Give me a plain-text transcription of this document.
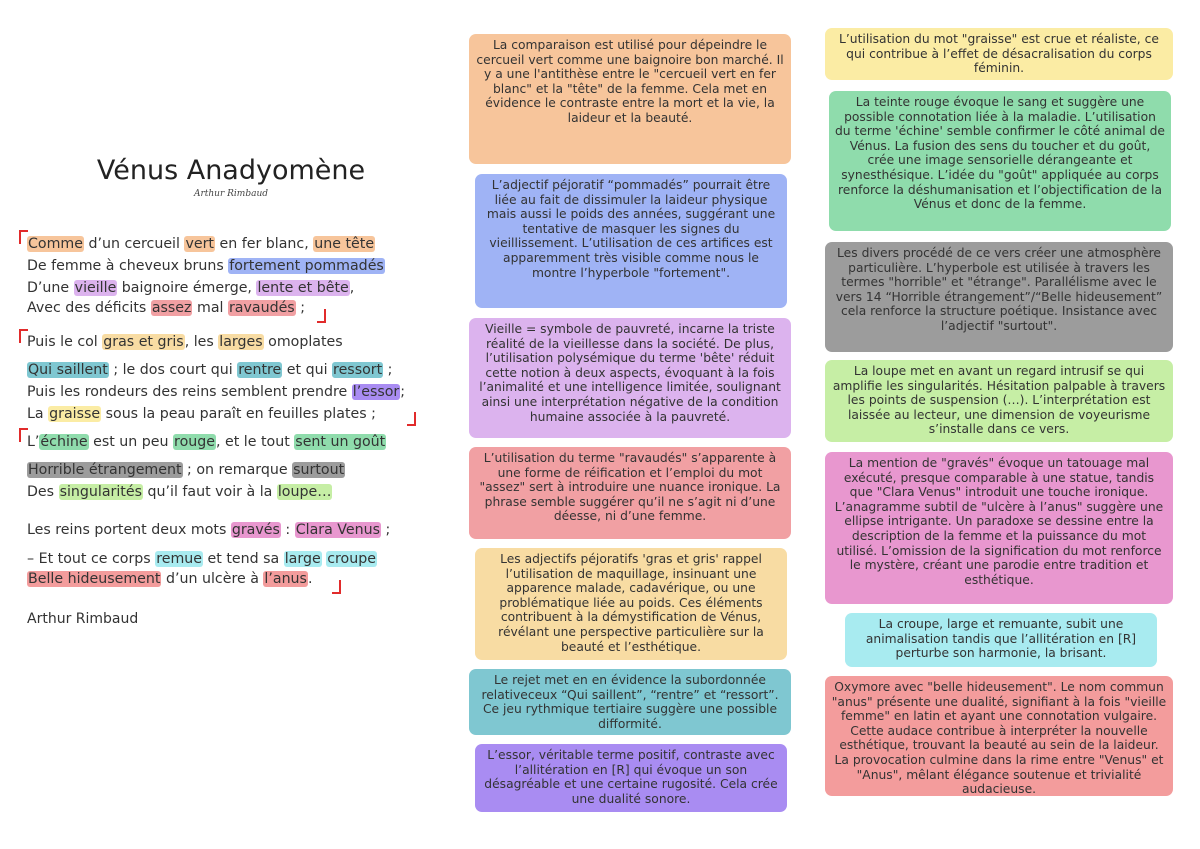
Vénus Anadyomène
Arthur Rimbaud
Comme d’un cercueil vert en fer blanc, une tête
De femme à cheveux bruns fortement pommadés
D’une vieille baignoire émerge, lente et bête,
Avec des déficits assez mal ravaudés ;
Puis le col gras et gris, les larges omoplates
Qui saillent ; le dos court qui rentre et qui ressort ;
Puis les rondeurs des reins semblent prendre l’essor;
La graisse sous la peau paraît en feuilles plates ;
L’échine est un peu rouge, et le tout sent un goût
Horrible étrangement ; on remarque surtout
Des singularités qu’il faut voir à la loupe…
Les reins portent deux mots gravés : Clara Venus ;
– Et tout ce corps remue et tend sa large croupe
Belle hideusement d’un ulcère à l’anus.
Arthur Rimbaud
La comparaison est utilisé pour dépeindre le cercueil vert comme une baignoire bon marché. Il y a une l'antithèse entre le "cercueil vert en fer blanc" et la "tête" de la femme. Cela met en évidence le contraste entre la mort et la vie, la laideur et la beauté.
L’adjectif péjoratif “pommadés” pourrait être liée au fait de dissimuler la laideur physique mais aussi le poids des années, suggérant une tentative de masquer les signes du vieillissement. L’utilisation de ces artifices est apparemment très visible comme nous le montre l’hyperbole "fortement".
Vieille = symbole de pauvreté, incarne la triste réalité de la vieillesse dans la société. De plus, l’utilisation polysémique du terme 'bête' réduit cette notion à deux aspects, évoquant à la fois l’animalité et une intelligence limitée, soulignant ainsi une interprétation négative de la condition humaine associée à la pauvreté.
L’utilisation du terme "ravaudés" s’apparente à une forme de réification et l’emploi du mot "assez" sert à introduire une nuance ironique. La phrase semble suggérer qu’il ne s’agit ni d’une déesse, ni d’une femme.
Les adjectifs péjoratifs 'gras et gris' rappel l’utilisation de maquillage, insinuant une apparence malade, cadavérique, ou une problématique liée au poids. Ces éléments contribuent à la démystification de Vénus, révélant une perspective particulière sur la beauté et l’esthétique.
Le rejet met en en évidence la subordonnée relativeceux “Qui saillent”, “rentre” et “ressort”. Ce jeu rythmique tertiaire suggère une possible difformité.
L’essor, véritable terme positif, contraste avec l’allitération en [R] qui évoque un son désagréable et une certaine rugosité. Cela crée une dualité sonore.
L’utilisation du mot "graisse" est crue et réaliste, ce qui contribue à l’effet de désacralisation du corps féminin.
La teinte rouge évoque le sang et suggère une possible connotation liée à la maladie. L’utilisation du terme 'échine' semble confirmer le côté animal de Vénus. La fusion des sens du toucher et du goût, crée une image sensorielle dérangeante et synesthésique. L’idée du "goût" appliquée au corps renforce la déshumanisation et l’objectification de la Vénus et donc de la femme.
Les divers procédé de ce vers créer une atmosphère particulière. L’hyperbole est utilisée à travers les termes "horrible" et "étrange". Parallélisme avec le vers 14 “Horrible étrangement”/“Belle hideusement” cela renforce la structure poétique. Insistance avec l’adjectif "surtout".
La loupe met en avant un regard intrusif se qui amplifie les singularités. Hésitation palpable à travers les points de suspension (…). L’interprétation est laissée au lecteur, une dimension de voyeurisme s’installe dans ce vers.
La mention de "gravés" évoque un tatouage mal exécuté, presque comparable à une statue, tandis que "Clara Venus" introduit une touche ironique. L’anagramme subtil de "ulcère à l’anus" suggère une ellipse intrigante. Un paradoxe se dessine entre la description de la femme et la puissance du mot utilisé. L’omission de la signification du mot renforce le mystère, créant une parodie entre tradition et esthétique.
La croupe, large et remuante, subit une animalisation tandis que l’allitération en [R] perturbe son harmonie, la brisant.
Oxymore avec "belle hideusement". Le nom commun "anus" présente une dualité, signifiant à la fois "vieille femme" en latin et ayant une connotation vulgaire. Cette audace contribue à interpréter la nouvelle esthétique, trouvant la beauté au sein de la laideur. La provocation culmine dans la rime entre "Venus" et "Anus", mêlant élégance soutenue et trivialité audacieuse.
